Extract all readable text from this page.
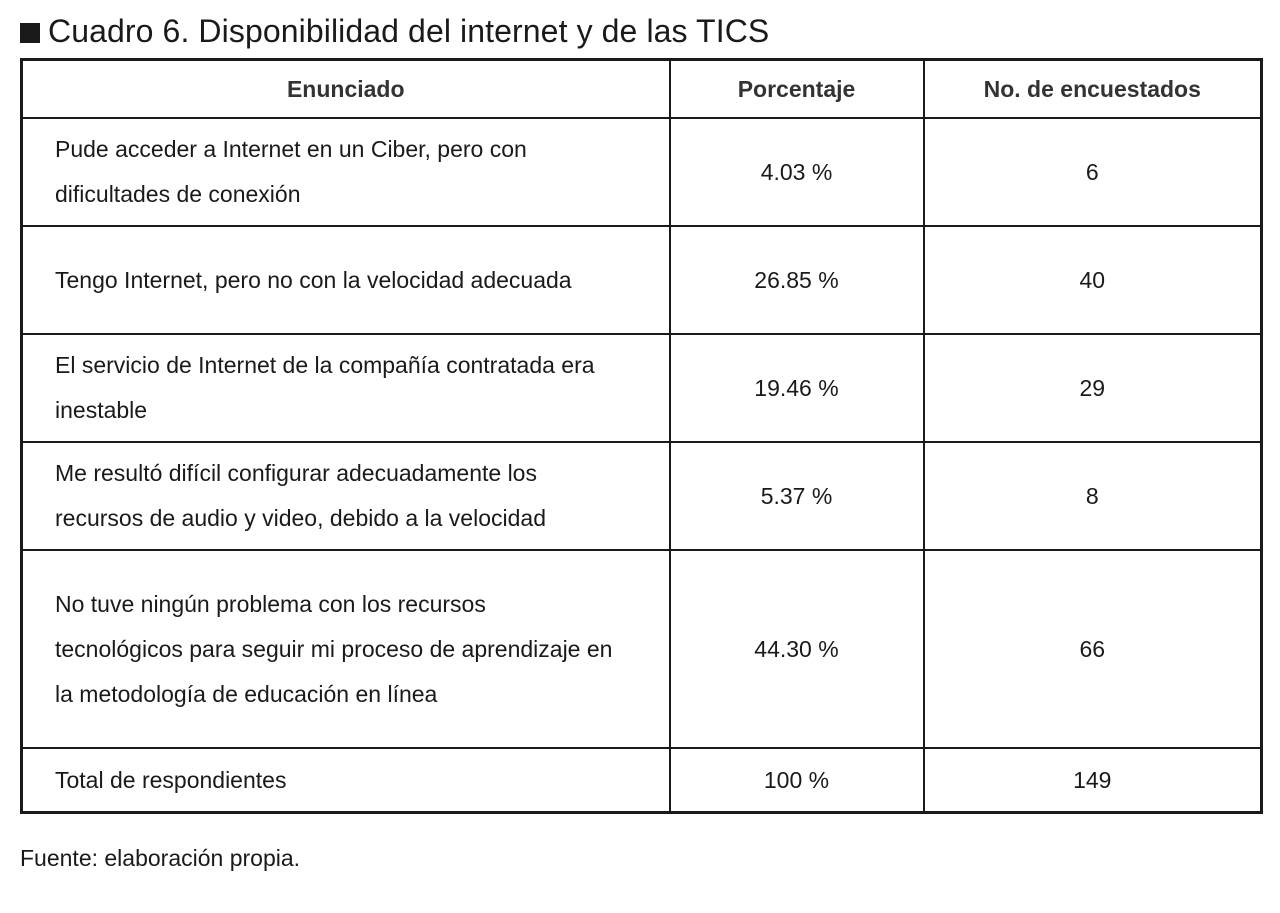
Cuadro 6. Disponibilidad del internet y de las TICS
Enunciado	Porcentaje	No. de encuestados

Pude acceder a Internet en un Ciber, pero con dificultades de conexión	4.03 %	6

Tengo Internet, pero no con la velocidad adecuada	26.85 %	40

El servicio de Internet de la compañía contratada era inestable	19.46 %	29

Me resultó difícil configurar adecuadamente los recursos de audio y video, debido a la velocidad	5.37 %	8

No tuve ningún problema con los recursos tecnológicos para seguir mi proceso de aprendizaje en la metodología de educación en línea	44.30 %	66
Total de respondientes	100 %	149
Fuente: elaboración propia.
